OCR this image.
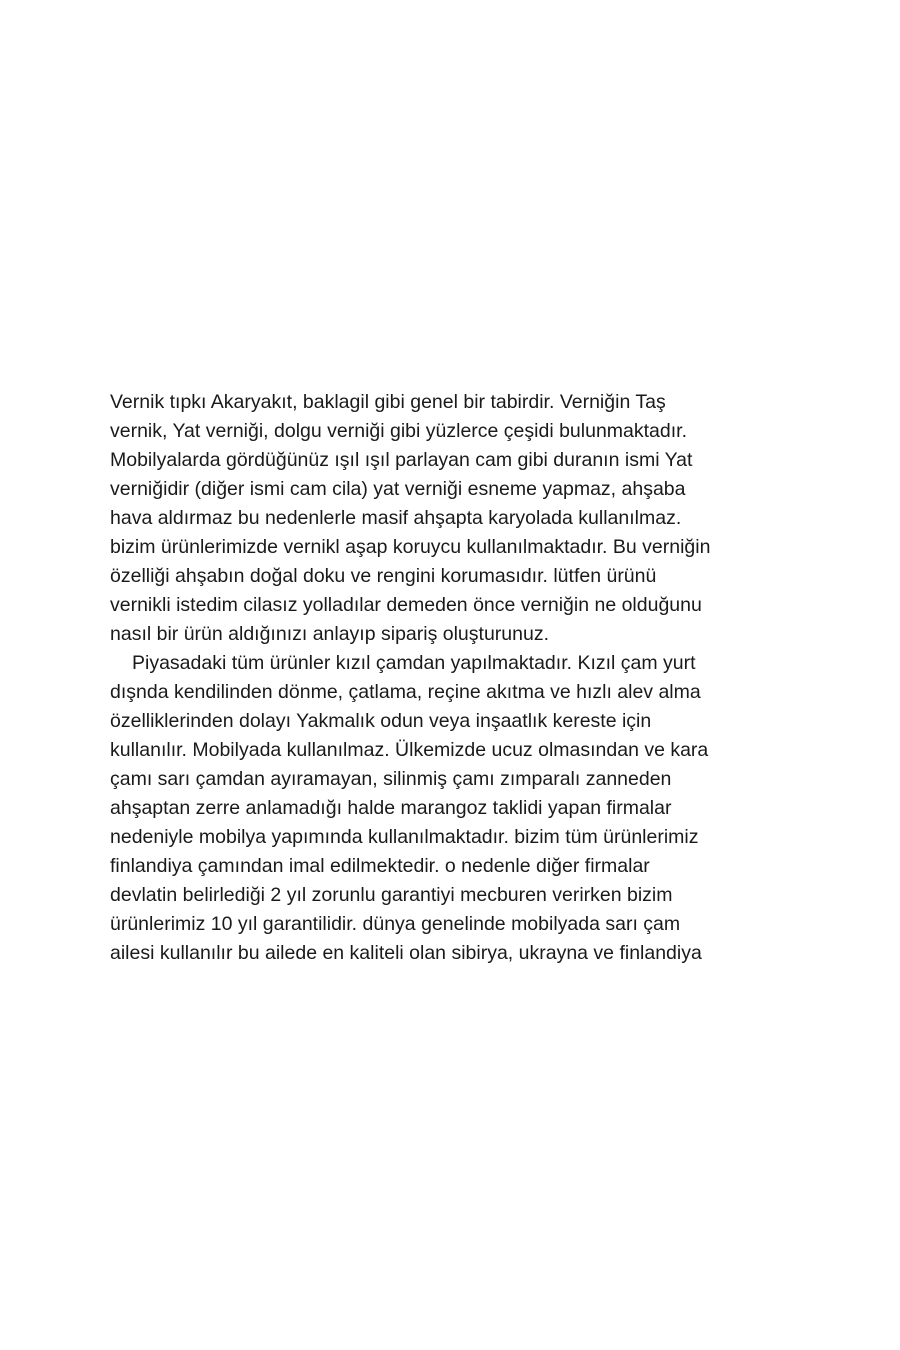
Vernik tıpkı Akaryakıt, baklagil gibi genel bir tabirdir. Verniğin Taş
vernik, Yat verniği, dolgu verniği gibi yüzlerce çeşidi bulunmaktadır.
Mobilyalarda gördüğünüz ışıl ışıl parlayan cam gibi duranın ismi Yat
verniğidir (diğer ismi cam cila) yat verniği esneme yapmaz, ahşaba
hava aldırmaz bu nedenlerle masif ahşapta karyolada kullanılmaz.
bizim ürünlerimizde vernikl aşap koruycu kullanılmaktadır. Bu verniğin
özelliği ahşabın doğal doku ve rengini korumasıdır. lütfen ürünü
vernikli istedim cilasız yolladılar demeden önce verniğin ne olduğunu
nasıl bir ürün aldığınızı anlayıp sipariş oluşturunuz.
Piyasadaki tüm ürünler kızıl çamdan yapılmaktadır. Kızıl çam yurt
dışnda kendilinden dönme, çatlama, reçine akıtma ve hızlı alev alma
özelliklerinden dolayı Yakmalık odun veya inşaatlık kereste için
kullanılır. Mobilyada kullanılmaz. Ülkemizde ucuz olmasından ve kara
çamı sarı çamdan ayıramayan, silinmiş çamı zımparalı zanneden
ahşaptan zerre anlamadığı halde marangoz taklidi yapan firmalar
nedeniyle mobilya yapımında kullanılmaktadır. bizim tüm ürünlerimiz
finlandiya çamından imal edilmektedir. o nedenle diğer firmalar
devlatin belirlediği 2 yıl zorunlu garantiyi mecburen verirken bizim
ürünlerimiz 10 yıl garantilidir. dünya genelinde mobilyada sarı çam
ailesi kullanılır bu ailede en kaliteli olan sibirya, ukrayna ve finlandiya
